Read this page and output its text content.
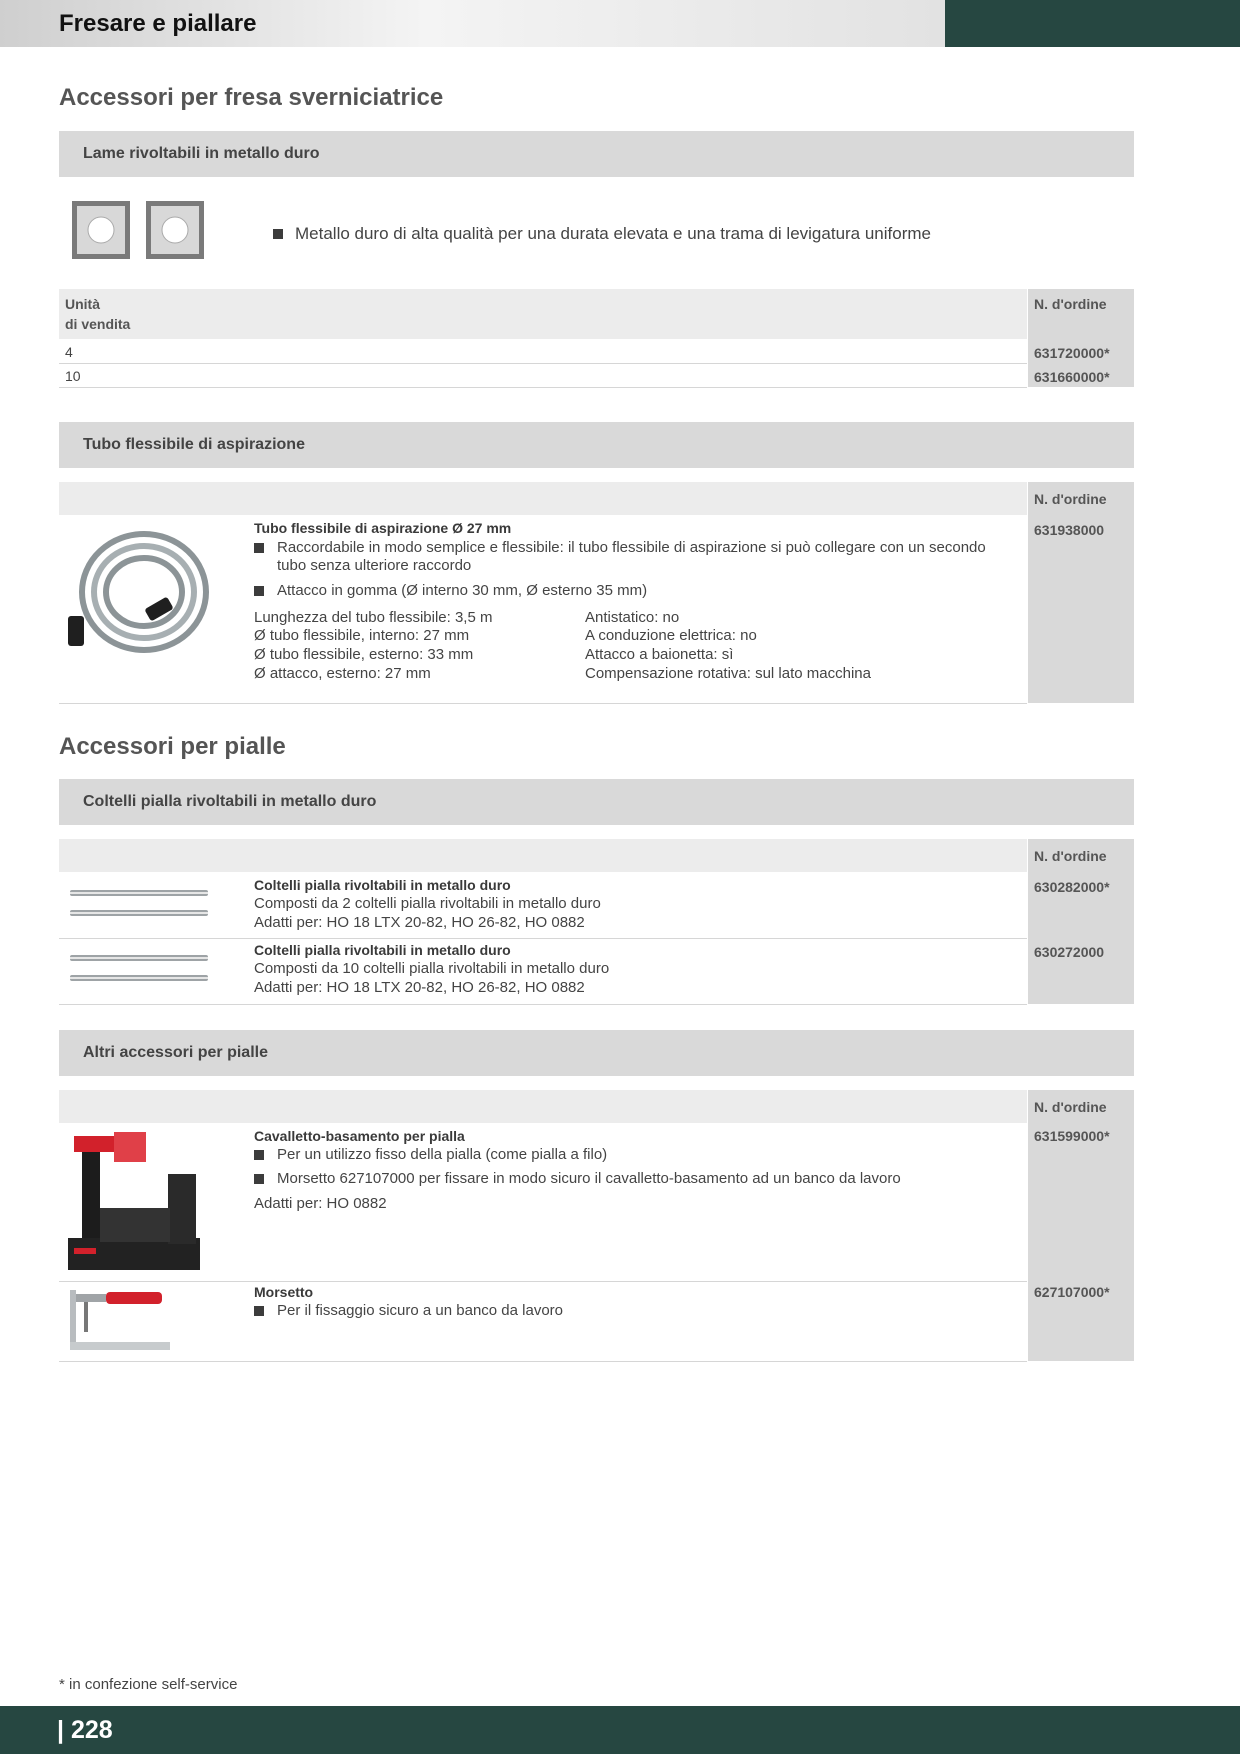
Fresare e piallare
Accessori per fresa sverniciatrice
Lame rivoltabili in metallo duro
Metallo duro di alta qualità per una durata elevata e una trama di levigatura uniforme
Unità
di vendita
N. d'ordine
4	631720000*
10	631660000*
Tubo flessibile di aspirazione
N. d'ordine
Tubo flessibile di aspirazione Ø 27 mm
Raccordabile in modo semplice e flessibile: il tubo flessibile di aspirazione si può collegare con un secondo
tubo senza ulteriore raccordo
Attacco in gomma (Ø interno 30 mm, Ø esterno 35 mm)
Lunghezza del tubo flessibile: 3,5 m
Ø tubo flessibile, interno: 27 mm
Ø tubo flessibile, esterno: 33 mm
Ø attacco, esterno: 27 mm
Antistatico: no
A conduzione elettrica: no
Attacco a baionetta: sì
Compensazione rotativa: sul lato macchina
631938000
Accessori per pialle
Coltelli pialla rivoltabili in metallo duro
N. d'ordine
Coltelli pialla rivoltabili in metallo duro
Composti da 2 coltelli pialla rivoltabili in metallo duro
Adatti per: HO 18 LTX 20-82, HO 26-82, HO 0882
630282000*
Coltelli pialla rivoltabili in metallo duro
Composti da 10 coltelli pialla rivoltabili in metallo duro
Adatti per: HO 18 LTX 20-82, HO 26-82, HO 0882
630272000
Altri accessori per pialle
N. d'ordine
Cavalletto-basamento per pialla
Per un utilizzo fisso della pialla (come pialla a filo)
Morsetto 627107000 per fissare in modo sicuro il cavalletto-basamento ad un banco da lavoro
Adatti per: HO 0882
631599000*
Morsetto
Per il fissaggio sicuro a un banco da lavoro
627107000*
* in confezione self-service
| 228
